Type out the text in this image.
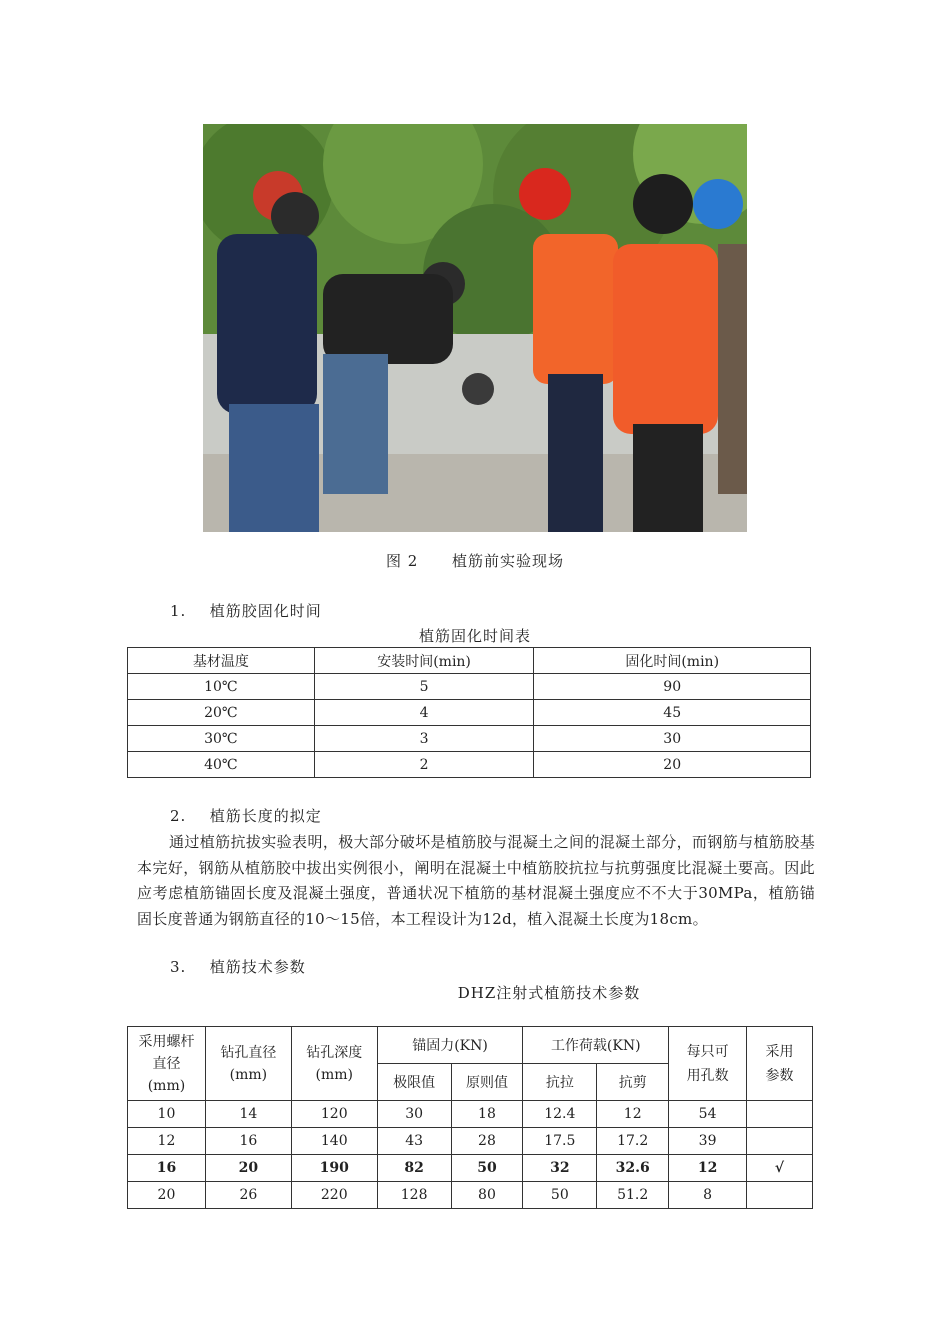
图 2 植筋前实验现场
1. 植筋胶固化时间
植筋固化时间表
基材温度	安装时间(min)	固化时间(min)
10℃	5	90
20℃	4	45
30℃	3	30
40℃	2	20
2. 植筋长度的拟定
通过植筋抗拔实验表明，极大部分破坏是植筋胶与混凝土之间的混凝土部分，而钢筋与植筋胶基本完好，钢筋从植筋胶中拔出实例很小，阐明在混凝土中植筋胶抗拉与抗剪强度比混凝土要高。因此应考虑植筋锚固长度及混凝土强度，普通状况下植筋的基材混凝土强度应不不大于30MPa，植筋锚固长度普通为钢筋直径的10～15倍，本工程设计为12d，植入混凝土长度为18cm。
3. 植筋技术参数
DHZ注射式植筋技术参数
采用螺杆直径(mm)	钻孔直径(mm)	钻孔深度(mm)	锚固力(KN)		工作荷载(KN)		每只可用孔数	采用参数
			极限值	原则值	抗拉	抗剪		
10	14	120	30	18	12.4	12	54	
12	16	140	43	28	17.5	17.2	39	
16	20	190	82	50	32	32.6	12	√
20	26	220	128	80	50	51.2	8	
